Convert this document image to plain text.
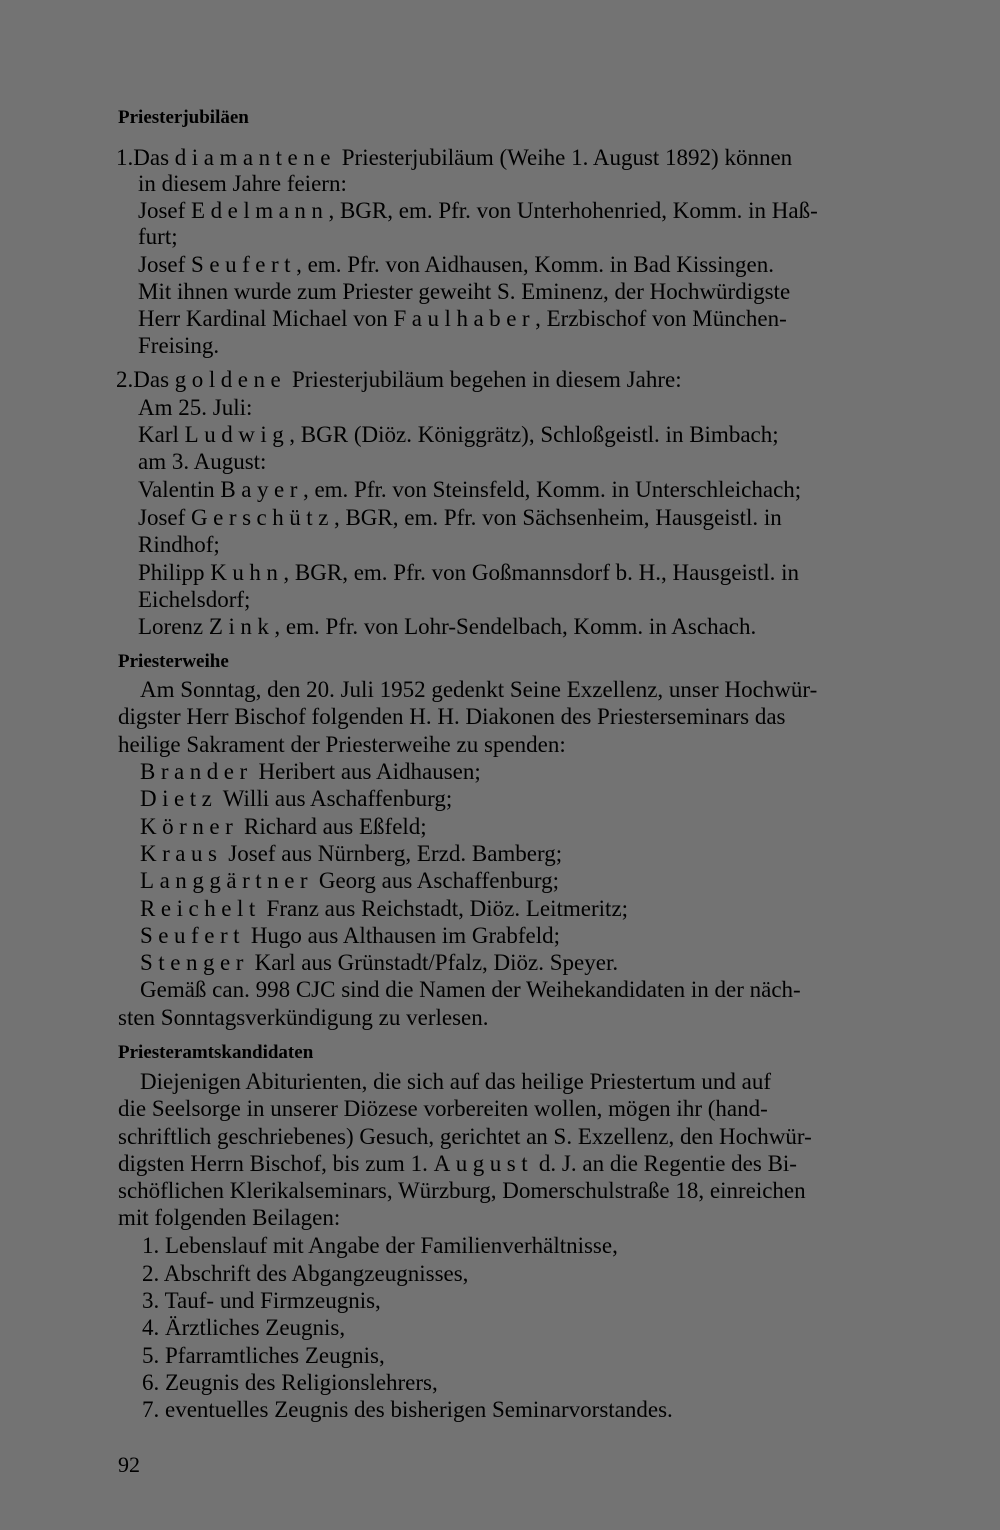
Priesterjubiläen
1.Das diamantene Priesterjubiläum (Weihe 1. August 1892) können
in diesem Jahre feiern:
Josef Edelmann, BGR, em. Pfr. von Unterhohenried, Komm. in Haß-
furt;
Josef Seufert, em. Pfr. von Aidhausen, Komm. in Bad Kissingen.
Mit ihnen wurde zum Priester geweiht S. Eminenz, der Hochwürdigste
Herr Kardinal Michael von Faulhaber, Erzbischof von München-
Freising.
2.Das goldene Priesterjubiläum begehen in diesem Jahre:
Am 25. Juli:
Karl Ludwig, BGR (Diöz. Königgrätz), Schloßgeistl. in Bimbach;
am 3. August:
Valentin Bayer, em. Pfr. von Steinsfeld, Komm. in Unterschleichach;
Josef Gerschütz, BGR, em. Pfr. von Sächsenheim, Hausgeistl. in
Rindhof;
Philipp Kuhn, BGR, em. Pfr. von Goßmannsdorf b. H., Hausgeistl. in
Eichelsdorf;
Lorenz Zink, em. Pfr. von Lohr-Sendelbach, Komm. in Aschach.
Priesterweihe
Am Sonntag, den 20. Juli 1952 gedenkt Seine Exzellenz, unser Hochwür-
digster Herr Bischof folgenden H. H. Diakonen des Priesterseminars das
heilige Sakrament der Priesterweihe zu spenden:
Brander Heribert aus Aidhausen;
Dietz Willi aus Aschaffenburg;
Körner Richard aus Eßfeld;
Kraus Josef aus Nürnberg, Erzd. Bamberg;
Langgärtner Georg aus Aschaffenburg;
Reichelt Franz aus Reichstadt, Diöz. Leitmeritz;
Seufert Hugo aus Althausen im Grabfeld;
Stenger Karl aus Grünstadt/Pfalz, Diöz. Speyer.
Gemäß can. 998 CJC sind die Namen der Weihekandidaten in der näch-
sten Sonntagsverkündigung zu verlesen.
Priesteramtskandidaten
Diejenigen Abiturienten, die sich auf das heilige Priestertum und auf
die Seelsorge in unserer Diözese vorbereiten wollen, mögen ihr (hand-
schriftlich geschriebenes) Gesuch, gerichtet an S. Exzellenz, den Hochwür-
digsten Herrn Bischof, bis zum 1. August d. J. an die Regentie des Bi-
schöflichen Klerikalseminars, Würzburg, Domerschulstraße 18, einreichen
mit folgenden Beilagen:
1. Lebenslauf mit Angabe der Familienverhältnisse,
2. Abschrift des Abgangzeugnisses,
3. Tauf- und Firmzeugnis,
4. Ärztliches Zeugnis,
5. Pfarramtliches Zeugnis,
6. Zeugnis des Religionslehrers,
7. eventuelles Zeugnis des bisherigen Seminarvorstandes.
92
